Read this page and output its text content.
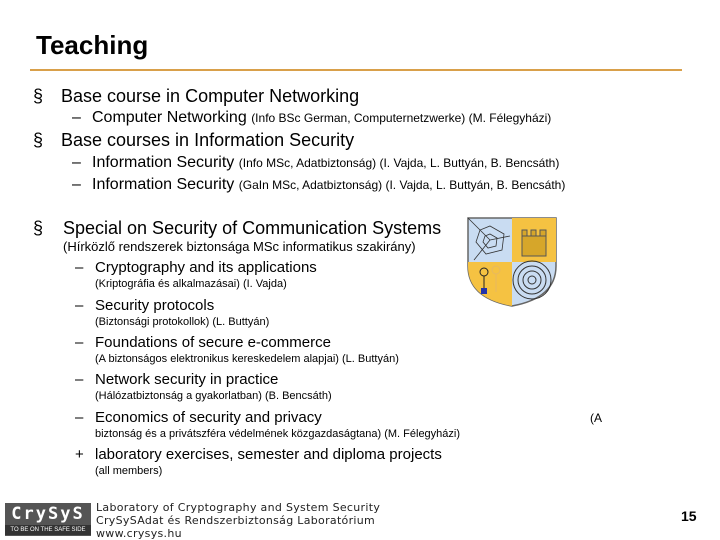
Teaching
§ Base course in Computer Networking
– Computer Networking (Info BSc German, Computernetzwerke) (M. Félegyházi)
§ Base courses in Information Security
– Information Security (Info MSc, Adatbiztonság) (I. Vajda, L. Buttyán, B. Bencsáth)
– Information Security (GaIn MSc, Adatbiztonság) (I. Vajda, L. Buttyán, B. Bencsáth)
§ Special on Security of Communication Systems
(Hírközlő rendszerek biztonsága MSc informatikus szakirány)
– Cryptography and its applications
(Kriptográfia és alkalmazásai) (I. Vajda)
– Security protocols
(Biztonsági protokollok) (L. Buttyán)
– Foundations of secure e-commerce
(A biztonságos elektronikus kereskedelem alapjai) (L. Buttyán)
– Network security in practice
(Hálózatbiztonság a gyakorlatban) (B. Bencsáth)
– Economics of security and privacy	(A
biztonság és a privátszféra védelmének közgazdaságtana) (M. Félegyházi)
+ laboratory exercises, semester and diploma projects
(all members)
CrySyS
TO BE ON THE SAFE SIDE
Laboratory of Cryptography and System Security
CrySySAdat és Rendszerbiztonság Laboratórium
www.crysys.hu
15
